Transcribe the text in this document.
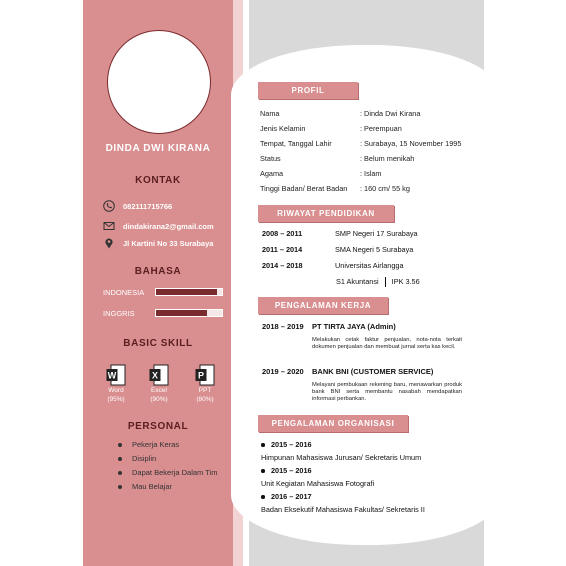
DINDA DWI KIRANA
KONTAK
082111715766
dindakirana2@gmail.com
Jl Kartini No 33 Surabaya
BAHASA
INDONESIA
INGGRIS
BASIC SKILL
W
Word
(95%)
X
Excel
(90%)
P
PPT
(80%)
PERSONAL
Pekerja Keras
Disiplin
Dapat Bekerja Dalam Tim
Mau Belajar
PROFIL
Nama	: Dinda Dwi Kirana
Jenis Kelamin	: Perempuan
Tempat, Tanggal Lahir	: Surabaya, 15 November 1995
Status	: Belum menikah
Agama	: Islam
Tinggi Badan/ Berat Badan	: 160 cm/ 55 kg
RIWAYAT PENDIDIKAN
2008 – 2011	SMP Negeri 17 Surabaya
2011 – 2014	SMA Negeri 5 Surabaya
2014 – 2018	Universitas Airlangga
S1 Akuntansi IPK 3.56
PENGALAMAN KERJA
2018 – 2019 PT TIRTA JAYA (Admin)
Melakukan cetak faktur penjualan, nota-nota terkait dokumen penjualan dan membuat jurnal serta kas kecil.
2019 – 2020 BANK BNI (CUSTOMER SERVICE)
Melayani pembukaan rekening baru, menawarkan produk bank BNI serta membantu nasabah mendapatkan informasi perbankan.
PENGALAMAN ORGANISASI
2015 – 2016
Himpunan Mahasiswa Jurusan/ Sekretaris Umum
2015 – 2016
Unit Kegiatan Mahasiswa Fotografi
2016 – 2017
Badan Eksekutif Mahasiswa Fakultas/ Sekretaris II
